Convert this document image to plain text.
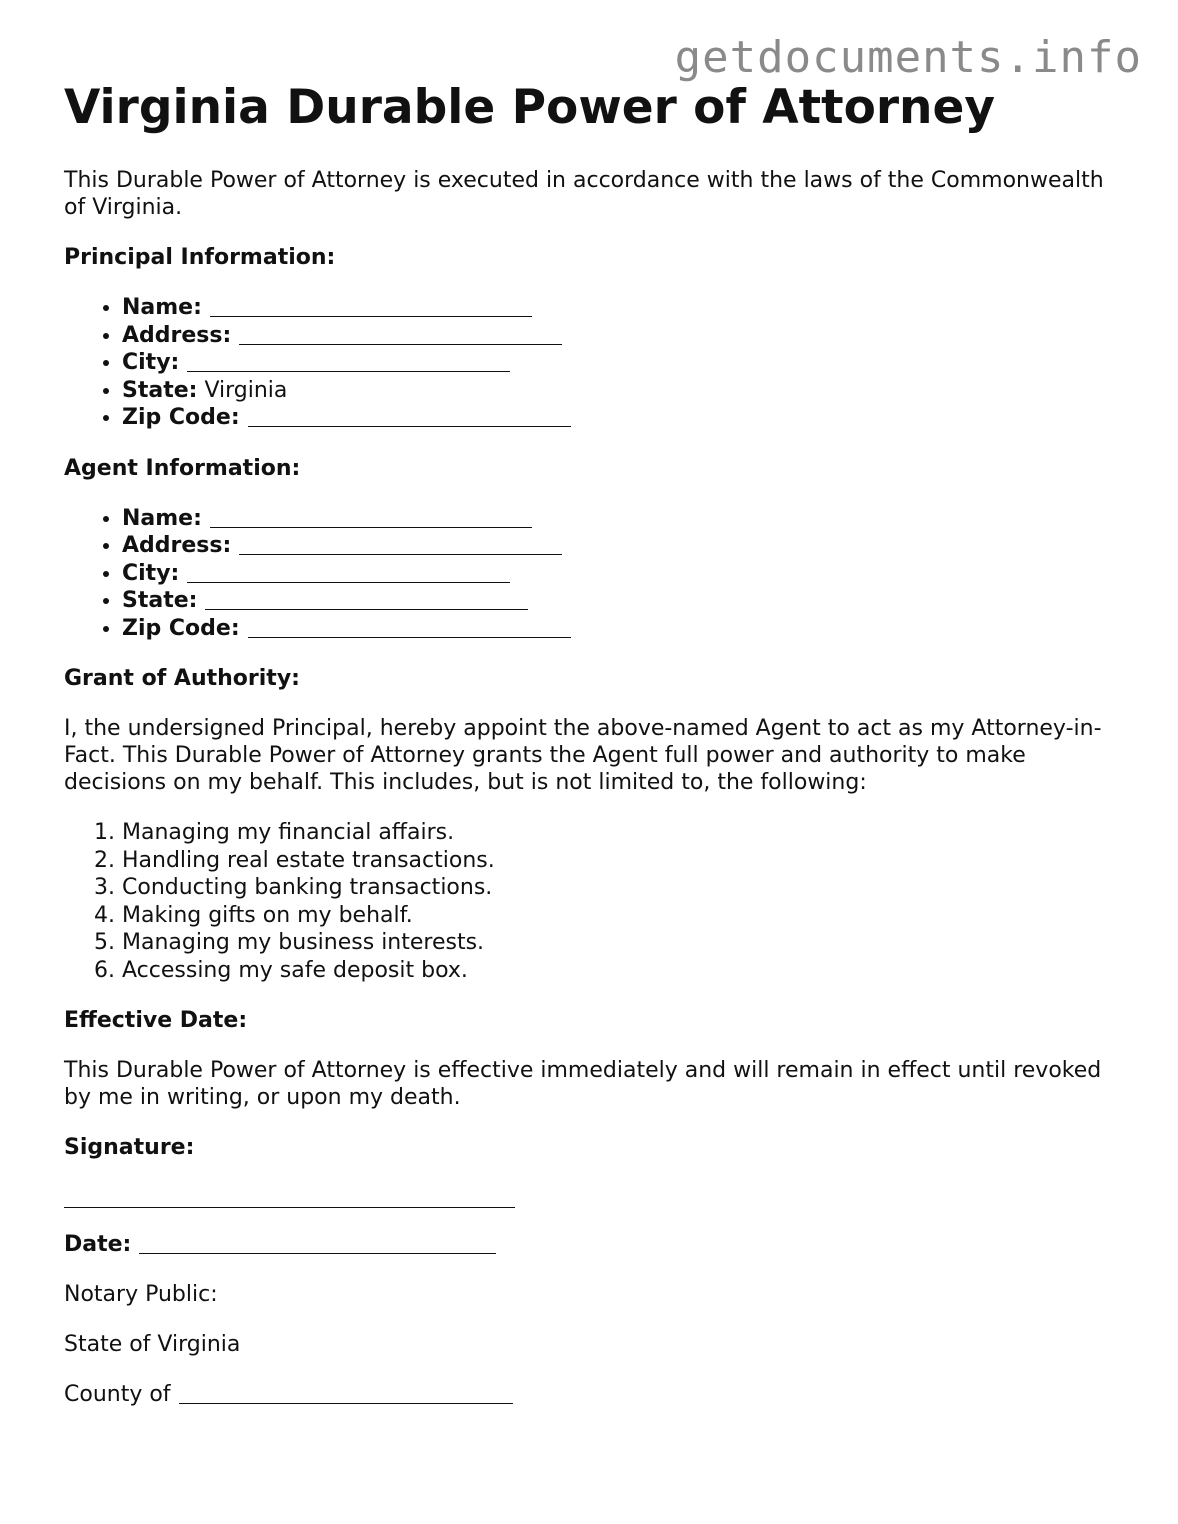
getdocuments.info
Virginia Durable Power of Attorney

This Durable Power of Attorney is executed in accordance with the laws of the Commonwealth of Virginia.

Principal Information:

• Name:
• Address:
• City:
• State: Virginia
• Zip Code:

Agent Information:

• Name:
• Address:
• City:
• State:
• Zip Code:

Grant of Authority:

I, the undersigned Principal, hereby appoint the above-named Agent to act as my Attorney-in-Fact. This Durable Power of Attorney grants the Agent full power and authority to make decisions on my behalf. This includes, but is not limited to, the following:

1. Managing my financial affairs.
2. Handling real estate transactions.
3. Conducting banking transactions.
4. Making gifts on my behalf.
5. Managing my business interests.
6. Accessing my safe deposit box.

Effective Date:

This Durable Power of Attorney is effective immediately and will remain in effect until revoked by me in writing, or upon my death.

Signature:

Date:

Notary Public:

State of Virginia

County of
